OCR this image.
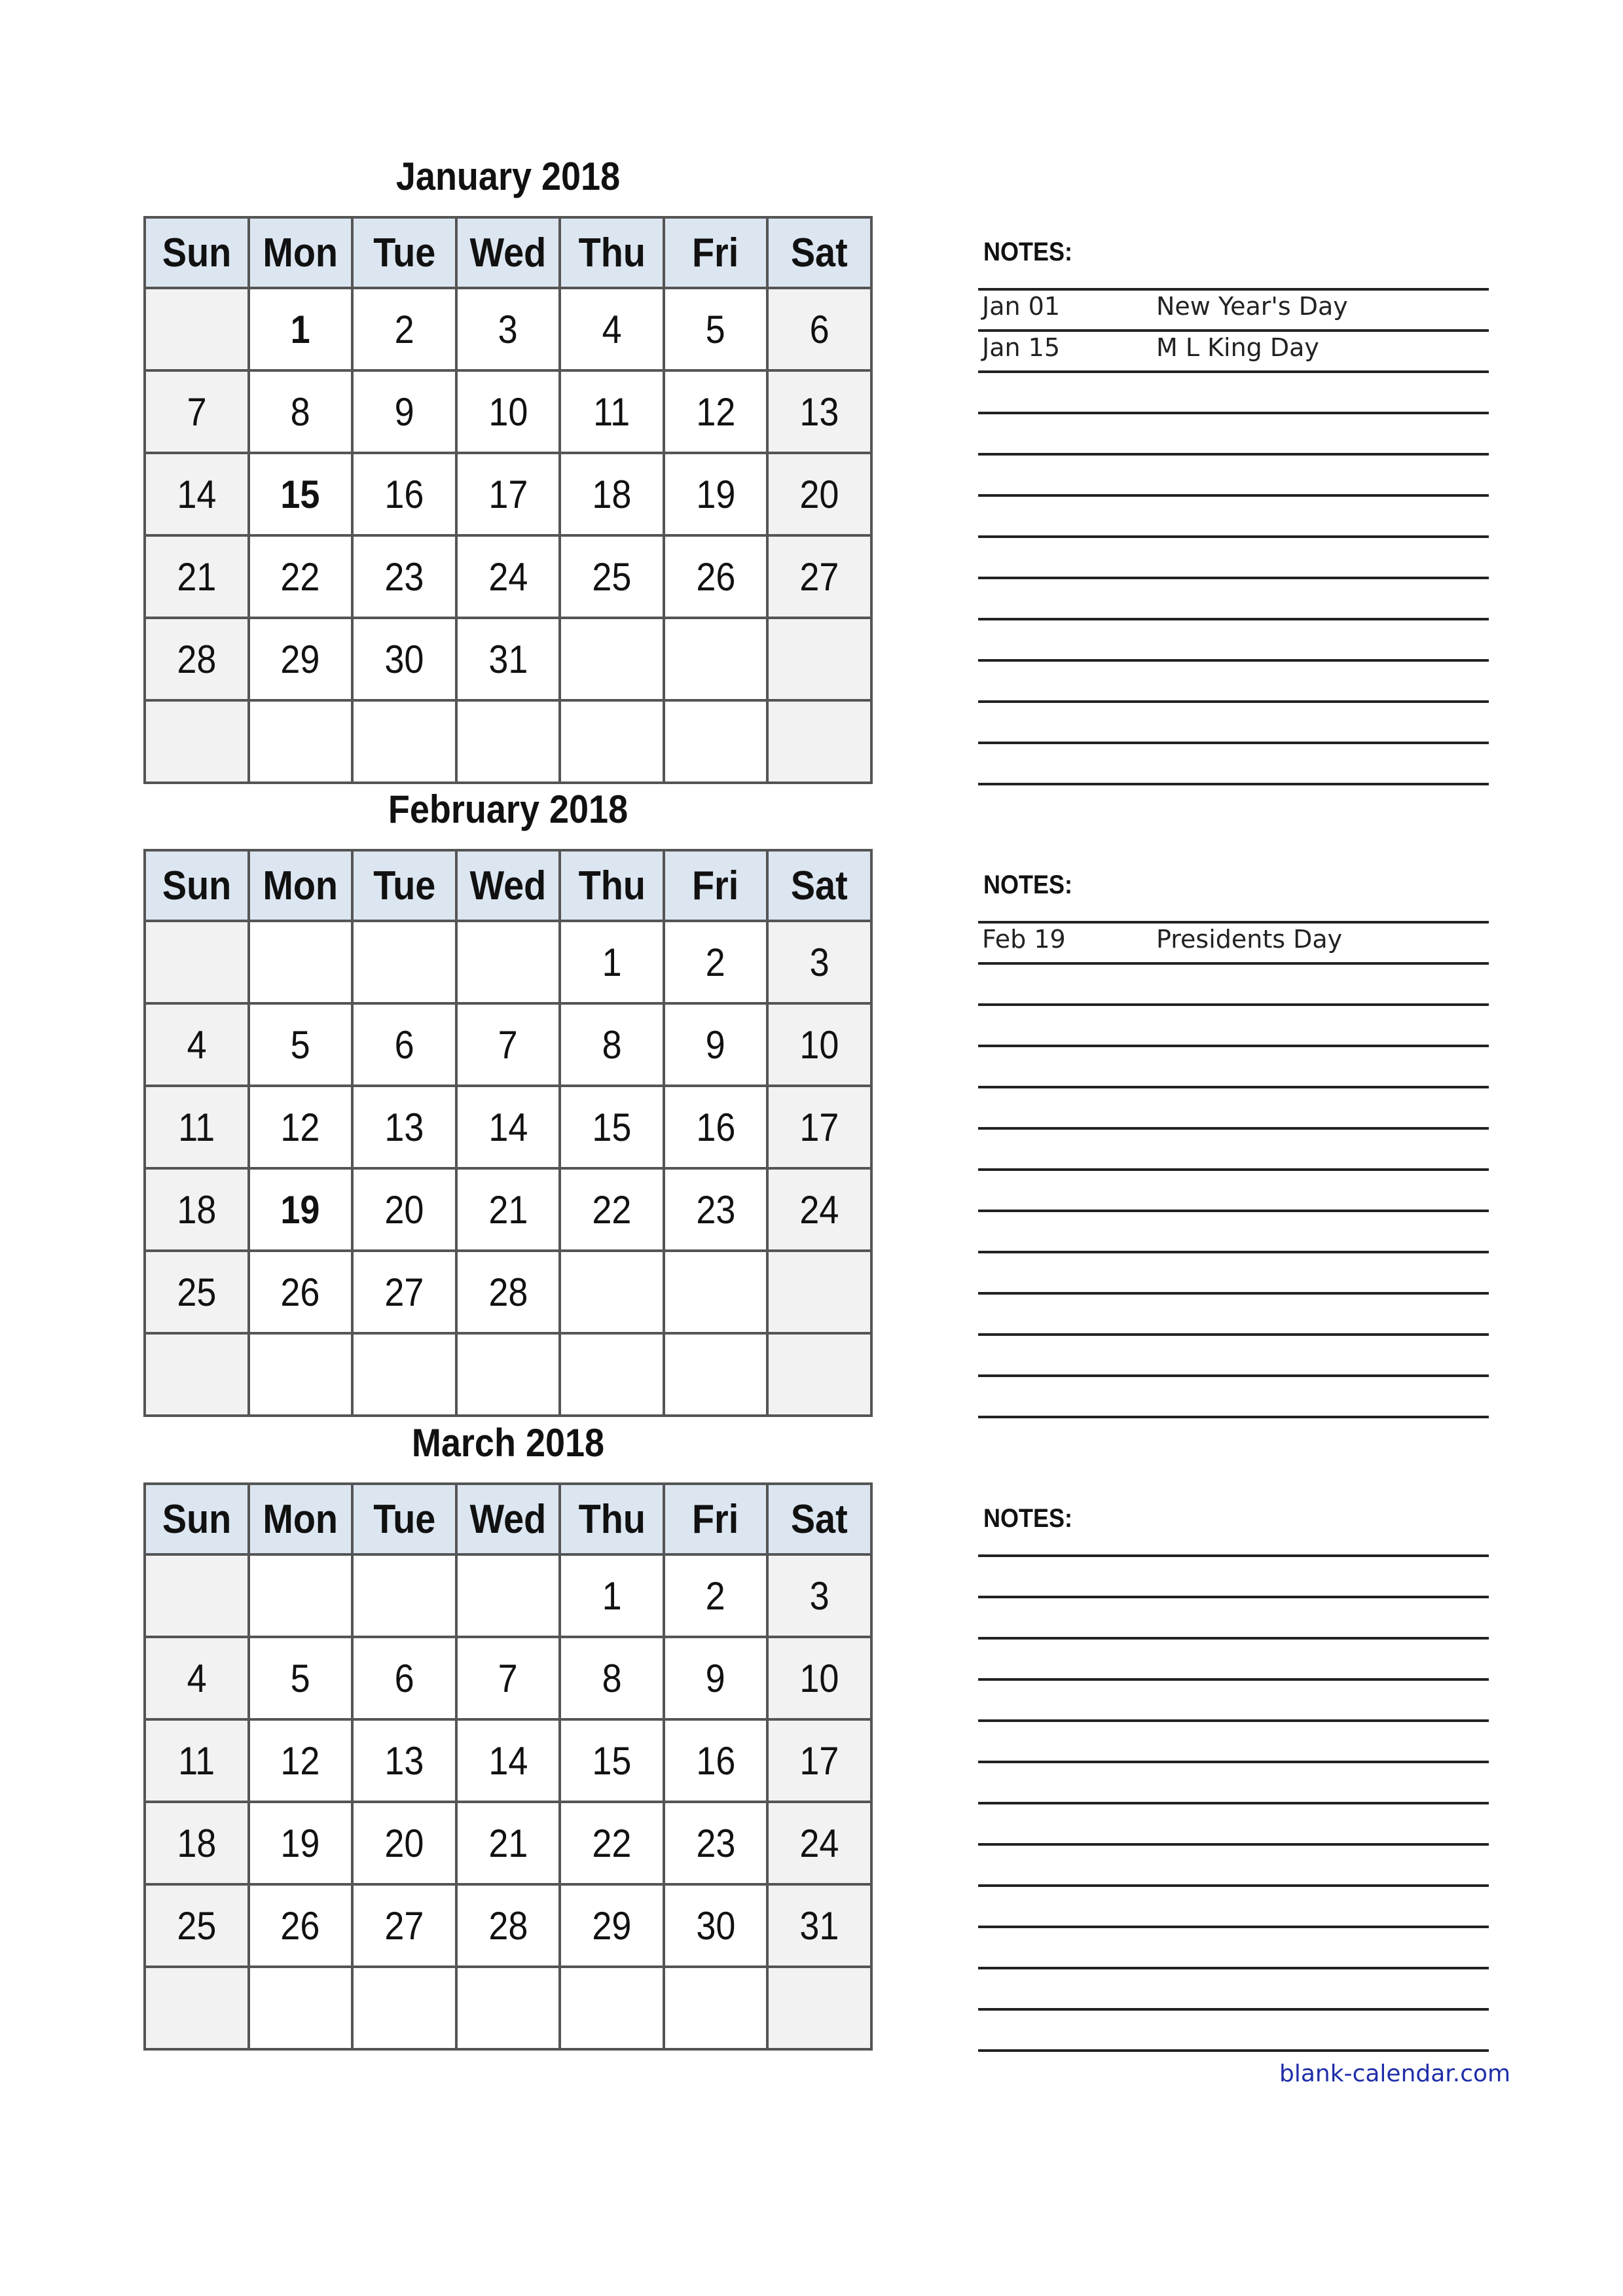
January 2018
Sun	Mon	Tue	Wed	Thu	Fri	Sat
	1	2	3	4	5	6
7	8	9	10	11	12	13
14	15	16	17	18	19	20
21	22	23	24	25	26	27
28	29	30	31			

NOTES:
Jan 01	New Year's Day
Jan 15	M L King Day
February 2018
Sun	Mon	Tue	Wed	Thu	Fri	Sat
				1	2	3
4	5	6	7	8	9	10
11	12	13	14	15	16	17
18	19	20	21	22	23	24
25	26	27	28			

NOTES:
Feb 19	Presidents Day
March 2018
Sun	Mon	Tue	Wed	Thu	Fri	Sat
				1	2	3
4	5	6	7	8	9	10
11	12	13	14	15	16	17
18	19	20	21	22	23	24
25	26	27	28	29	30	31

NOTES:
blank-calendar.com
